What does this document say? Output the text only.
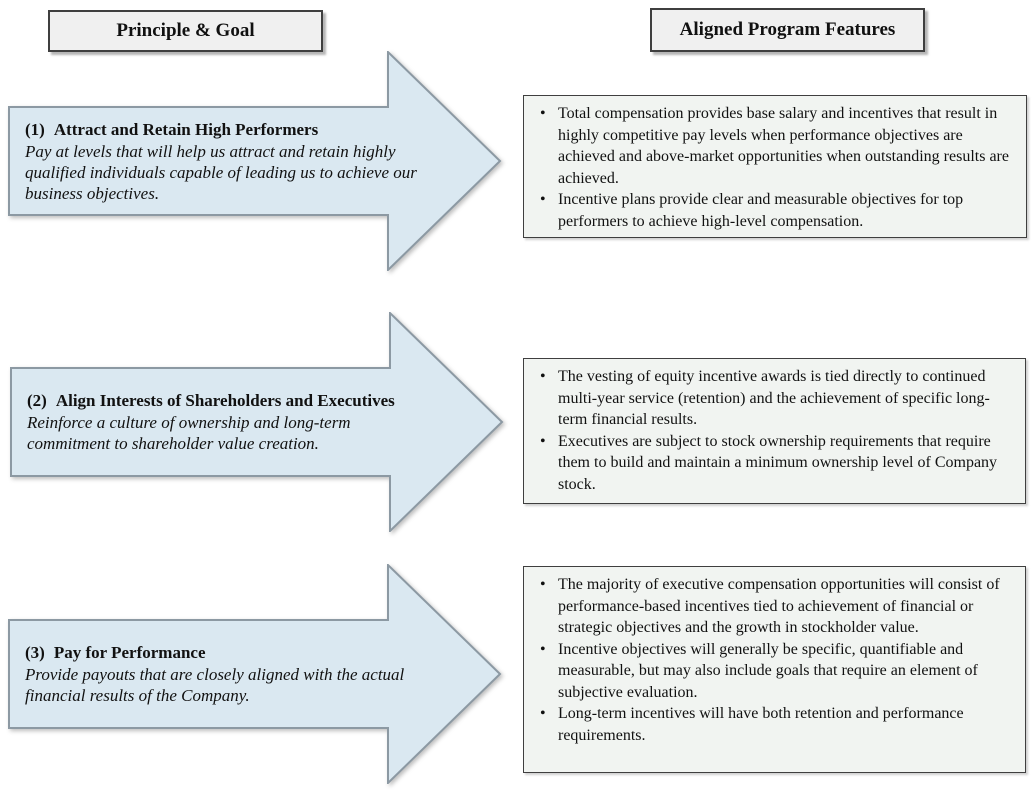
Principle & Goal	Aligned Program Features
(1) Attract and Retain High Performers
Pay at levels that will help us attract and retain highly qualified individuals capable of leading us to achieve our business objectives.
• Total compensation provides base salary and incentives that result in highly competitive pay levels when performance objectives are achieved and above-market opportunities when outstanding results are achieved.
• Incentive plans provide clear and measurable objectives for top performers to achieve high-level compensation.
(2) Align Interests of Shareholders and Executives
Reinforce a culture of ownership and long-term commitment to shareholder value creation.
• The vesting of equity incentive awards is tied directly to continued multi-year service (retention) and the achievement of specific long-term financial results.
• Executives are subject to stock ownership requirements that require them to build and maintain a minimum ownership level of Company stock.
(3) Pay for Performance
Provide payouts that are closely aligned with the actual financial results of the Company.
• The majority of executive compensation opportunities will consist of performance-based incentives tied to achievement of financial or strategic objectives and the growth in stockholder value.
• Incentive objectives will generally be specific, quantifiable and measurable, but may also include goals that require an element of subjective evaluation.
• Long-term incentives will have both retention and performance requirements.
